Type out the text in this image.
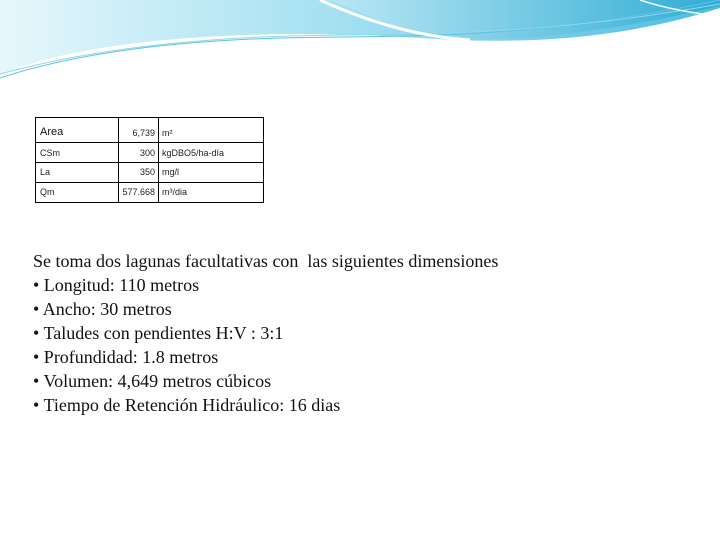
Area	6,739 m²
CSm	300 kgDBO5/ha-día
La	350 mg/l
Qm	577.668 m³/dia
Se toma dos lagunas facultativas con  las siguientes dimensiones
• Longitud: 110 metros
• Ancho: 30 metros
• Taludes con pendientes H:V : 3:1
• Profundidad: 1.8 metros
• Volumen: 4,649 metros cúbicos
• Tiempo de Retención Hidráulico: 16 dias
